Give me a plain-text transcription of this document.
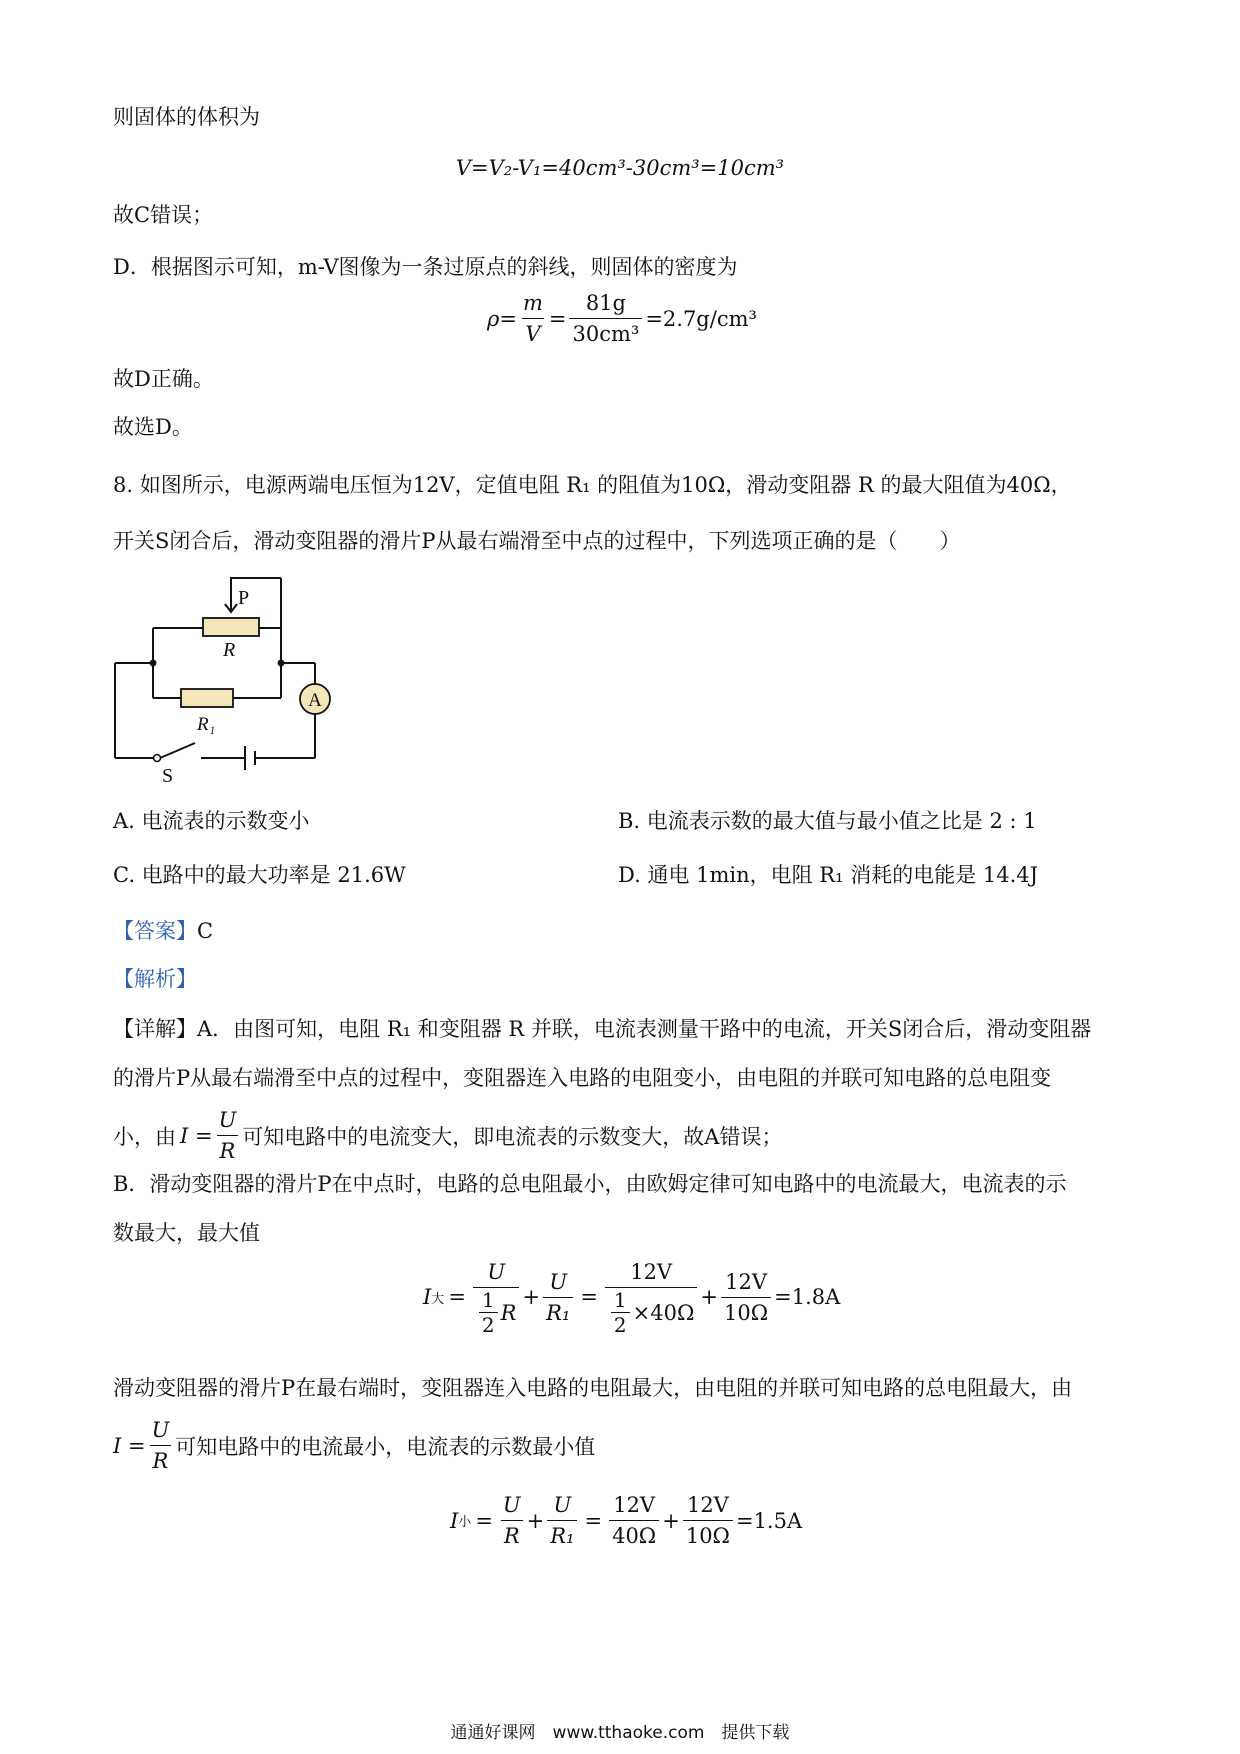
则固体的体积为
V=V₂-V₁=40cm³-30cm³=10cm³
故C错误；
D．根据图示可知，m-V图像为一条过原点的斜线，则固体的密度为
$\rho= \frac{m}{V} = \frac{81g}{\text{30cm³}} =2.7g/cm^3$
故D正确。
故选D。
8. 如图所示，电源两端电压恒为12V，定值电阻 R₁ 的阻值为10Ω，滑动变阻器 R 的最大阻值为40Ω，
开关S闭合后，滑动变阻器的滑片P从最右端滑至中点的过程中，下列选项正确的是（　　）
A
P
R
R₁
S
A. 电流表的示数变小	B. 电流表示数的最大值与最小值之比是 2 : 1
C. 电路中的最大功率是 21.6W	D. 通电 1min，电阻 R₁ 消耗的电能是 14.4J
【答案】C
【解析】
【详解】A．由图可知，电阻 R₁ 和变阻器 R 并联，电流表测量干路中的电流，开关S闭合后，滑动变阻器
的滑片P从最右端滑至中点的过程中，变阻器连入电路的电阻变小，由电阻的并联可知电路的总电阻变
小，由 $I = \frac{U}{R}$ 可知电路中的电流变大，即电流表的示数变大，故A错误；
B．滑动变阻器的滑片P在中点时，电路的总电阻最小，由欧姆定律可知电路中的电流最大，电流表的示
数最大，最大值
I 大 = $\frac{U}{\frac{1}{2} R} + \frac{U}{\text{R₁}} = \frac{12V}{\frac{1}{2} \times 40\Omega} + \frac{12V}{10\Omega} =1.8A$
滑动变阻器的滑片P在最右端时，变阻器连入电路的电阻最大，由电阻的并联可知电路的总电阻最大，由
$I = \frac{U}{R}$ 可知电路中的电流最小，电流表的示数最小值
I 小 = $\frac{U}{R} + \frac{U}{\text{R₁}} = \frac{12V}{40\Omega} + \frac{12V}{10\Omega} =1.5A$
通通好课网　www.tthaoke.com　提供下载
